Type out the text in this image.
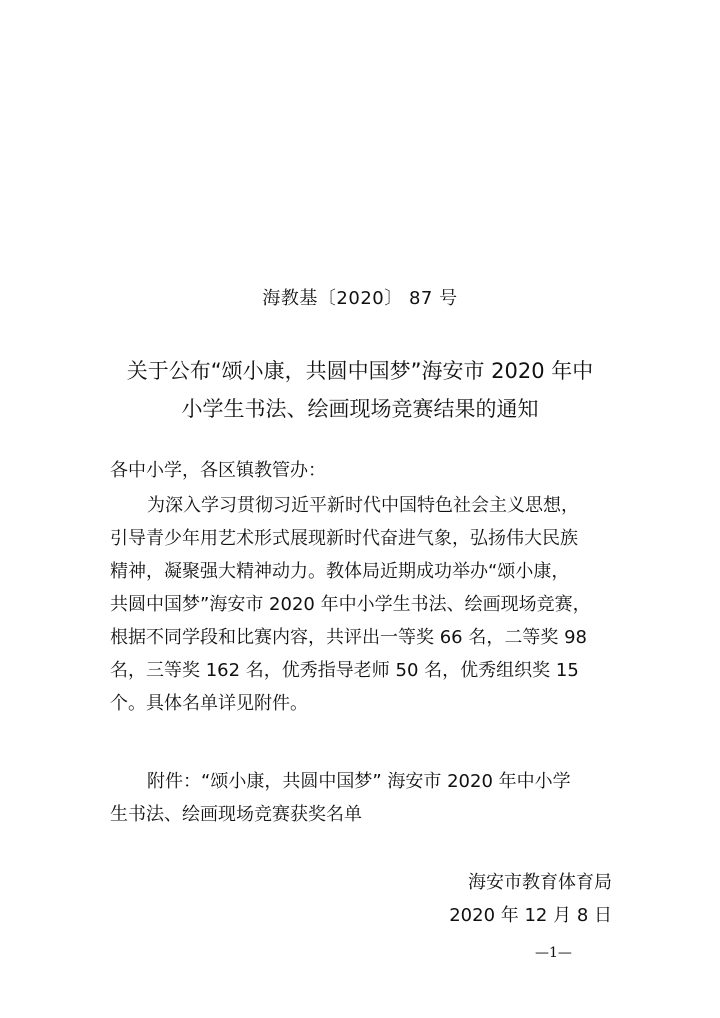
海教基〔2020〕 87 号
关于公布“颂小康，共圆中国梦”海安市 2020 年中
小学生书法、绘画现场竞赛结果的通知
各中小学，各区镇教管办：
为深入学习贯彻习近平新时代中国特色社会主义思想，
引导青少年用艺术形式展现新时代奋进气象，弘扬伟大民族
精神，凝聚强大精神动力。教体局近期成功举办“颂小康，
共圆中国梦”海安市 2020 年中小学生书法、绘画现场竞赛，
根据不同学段和比赛内容，共评出一等奖 66 名，二等奖 98
名，三等奖 162 名，优秀指导老师 50 名，优秀组织奖 15
个。具体名单详见附件。
附件：“颂小康，共圆中国梦” 海安市 2020 年中小学
生书法、绘画现场竞赛获奖名单
海安市教育体育局
2020 年 12 月 8 日
—1—
